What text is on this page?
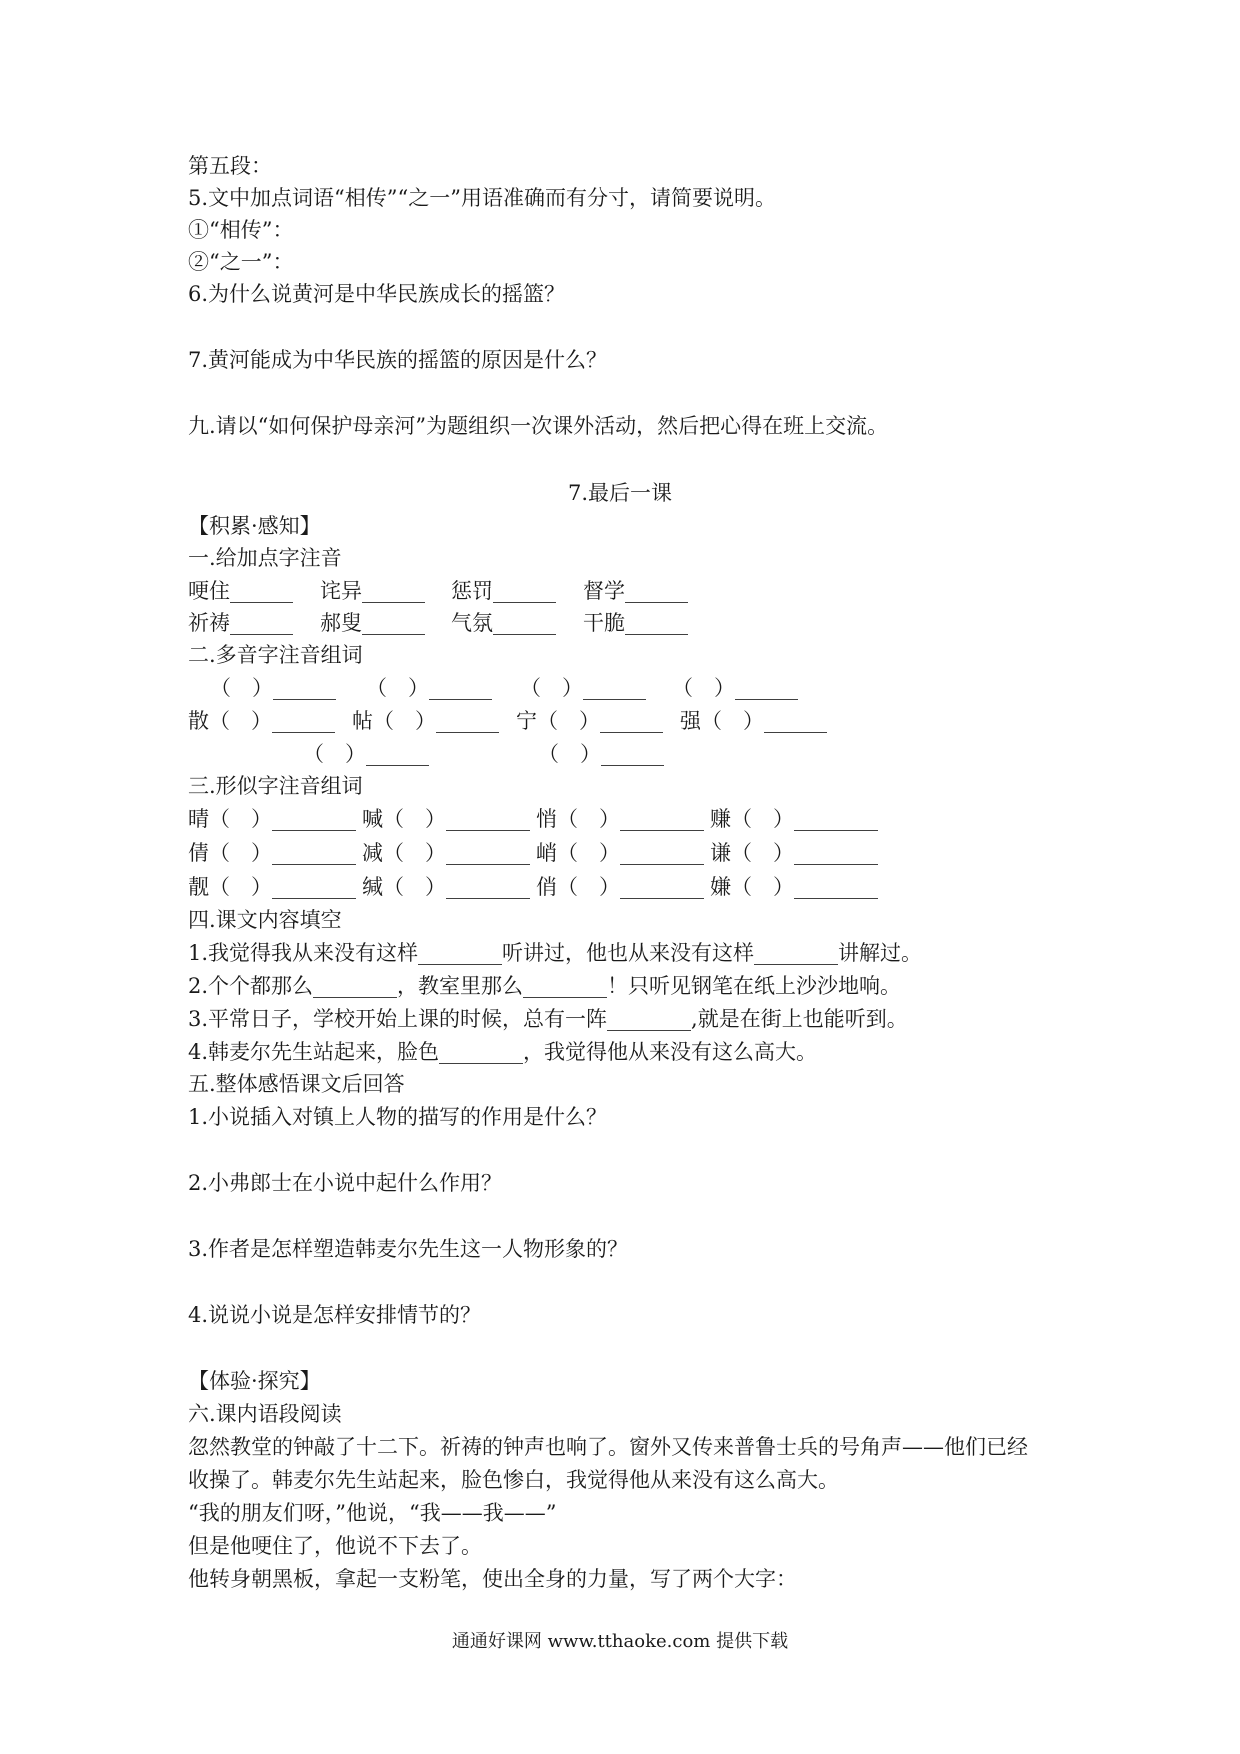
第五段：
5.文中加点词语“相传”“之一”用语准确而有分寸，请简要说明。
①“相传”：
②“之一”：
6.为什么说黄河是中华民族成长的摇篮？
7.黄河能成为中华民族的摇篮的原因是什么？
九.请以“如何保护母亲河”为题组织一次课外活动，然后把心得在班上交流。
7.最后一课
【积累·感知】
一.给加点字注音
哽住______ 诧异______ 惩罚______ 督学______
祈祷______ 郝叟______ 气氛______ 干脆______
二.多音字注音组词
（　）______ （　）______ （　）______ （　）______
散（　）______ 帖（　）______ 宁（　）______ 强（　）______
（　）______	（　）______
三.形似字注音组词
晴（　）________ 喊（　）________ 悄（　）________ 赚（　）________
倩（　）________ 减（　）________ 峭（　）________ 谦（　）________
靓（　）________ 缄（　）________ 俏（　）________ 嫌（　）________
四.课文内容填空
1.我觉得我从来没有这样________听讲过，他也从来没有这样________讲解过。
2.个个都那么________，教室里那么________！只听见钢笔在纸上沙沙地响。
3.平常日子，学校开始上课的时候，总有一阵________,就是在街上也能听到。
4.韩麦尔先生站起来，脸色________，我觉得他从来没有这么高大。
五.整体感悟课文后回答
1.小说插入对镇上人物的描写的作用是什么？
2.小弗郎士在小说中起什么作用？
3.作者是怎样塑造韩麦尔先生这一人物形象的？
4.说说小说是怎样安排情节的？
【体验·探究】
六.课内语段阅读
忽然教堂的钟敲了十二下。祈祷的钟声也响了。窗外又传来普鲁士兵的号角声——他们已经
收操了。韩麦尔先生站起来，脸色惨白，我觉得他从来没有这么高大。
“我的朋友们呀，”他说，“我——我——”
但是他哽住了，他说不下去了。
他转身朝黑板，拿起一支粉笔，使出全身的力量，写了两个大字：
通通好课网 www.tthaoke.com 提供下载
